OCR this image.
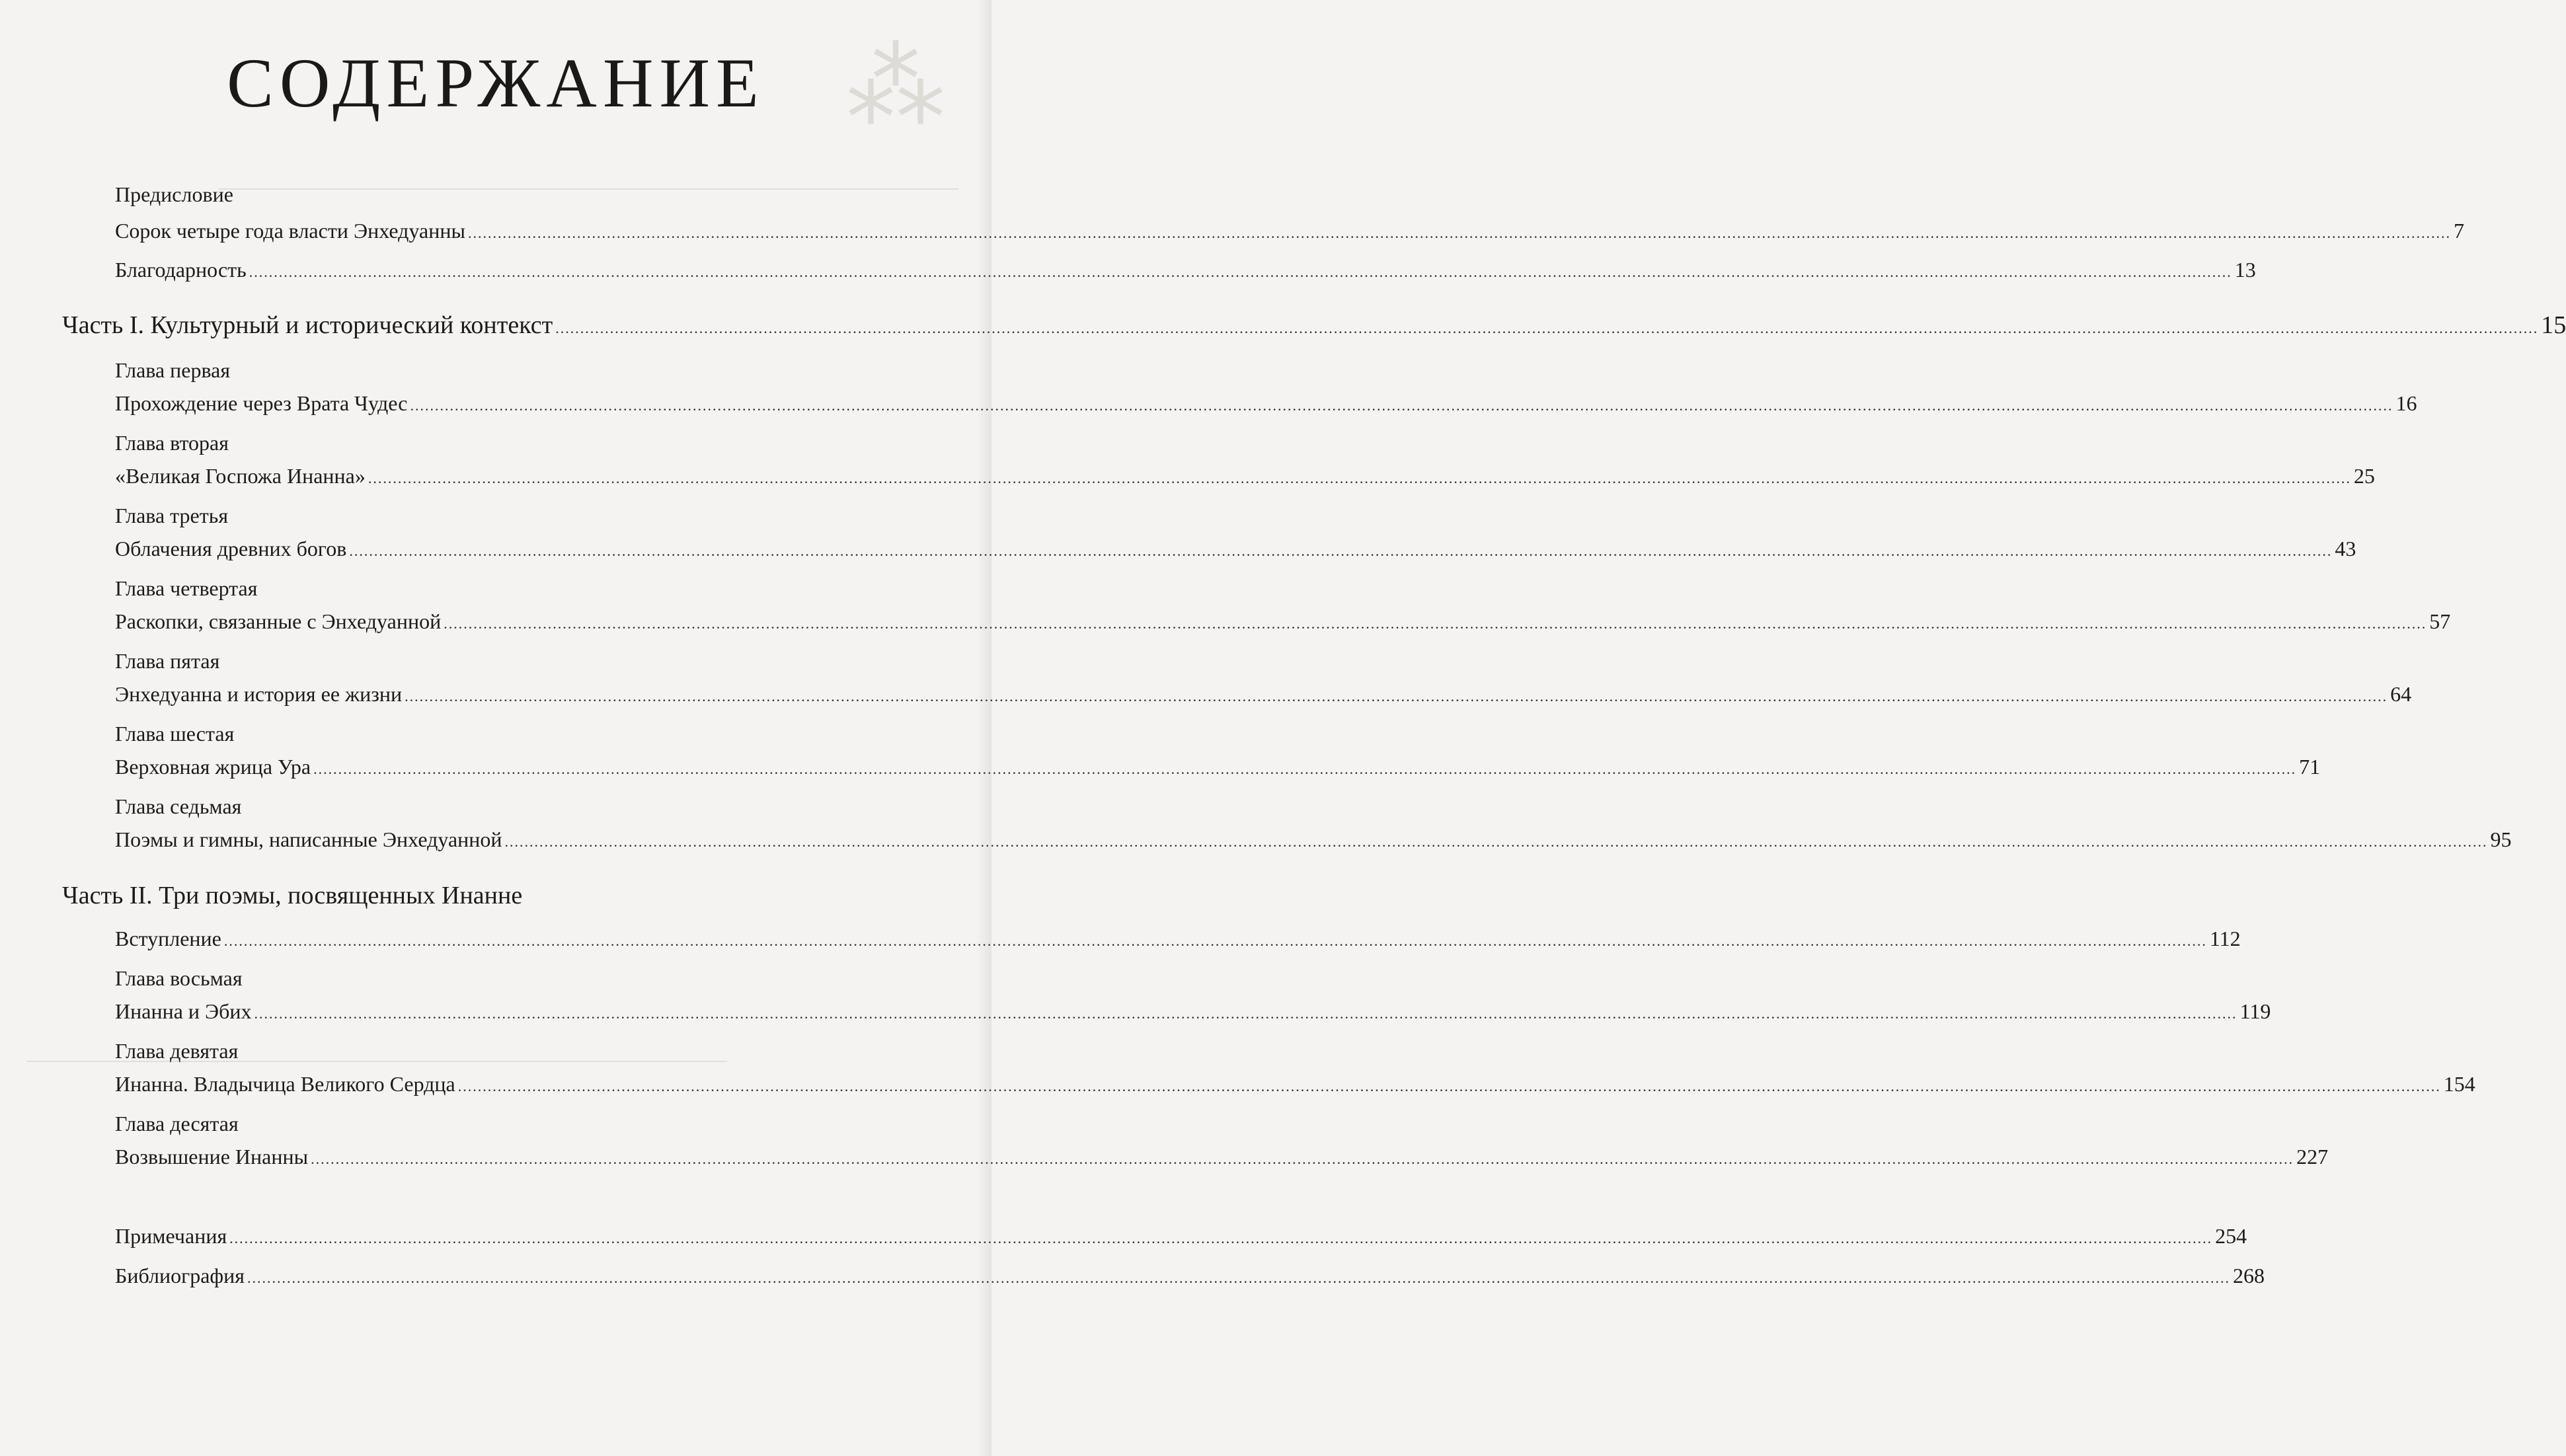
⁂
СОДЕРЖАНИЕ
Предисловие
Сорок четыре года власти Энхедуанны ................................................................................................................................................................................................................................................................................................................................................................................................................ 7
Благодарность ................................................................................................................................................................................................................................................................................................................................................................................................................ 13
Часть I. Культурный и исторический контекст ................................................................................................................................................................................................................................................................................................................................................................................................................ 15
Глава первая
Прохождение через Врата Чудес ................................................................................................................................................................................................................................................................................................................................................................................................................ 16
Глава вторая
«Великая Госпожа Инанна» ................................................................................................................................................................................................................................................................................................................................................................................................................ 25
Глава третья
Облачения древних богов ................................................................................................................................................................................................................................................................................................................................................................................................................ 43
Глава четвертая
Раскопки, связанные с Энхедуанной ................................................................................................................................................................................................................................................................................................................................................................................................................ 57
Глава пятая
Энхедуанна и история ее жизни ................................................................................................................................................................................................................................................................................................................................................................................................................ 64
Глава шестая
Верховная жрица Ура ................................................................................................................................................................................................................................................................................................................................................................................................................ 71
Глава седьмая
Поэмы и гимны, написанные Энхедуанной ................................................................................................................................................................................................................................................................................................................................................................................................................ 95
Часть II. Три поэмы, посвященных Инанне
Вступление ................................................................................................................................................................................................................................................................................................................................................................................................................ 112
Глава восьмая
Инанна и Эбих ................................................................................................................................................................................................................................................................................................................................................................................................................ 119
Глава девятая
Инанна. Владычица Великого Сердца ................................................................................................................................................................................................................................................................................................................................................................................................................ 154
Глава десятая
Возвышение Инанны ................................................................................................................................................................................................................................................................................................................................................................................................................ 227
Примечания ................................................................................................................................................................................................................................................................................................................................................................................................................ 254
Библиография ................................................................................................................................................................................................................................................................................................................................................................................................................ 268
